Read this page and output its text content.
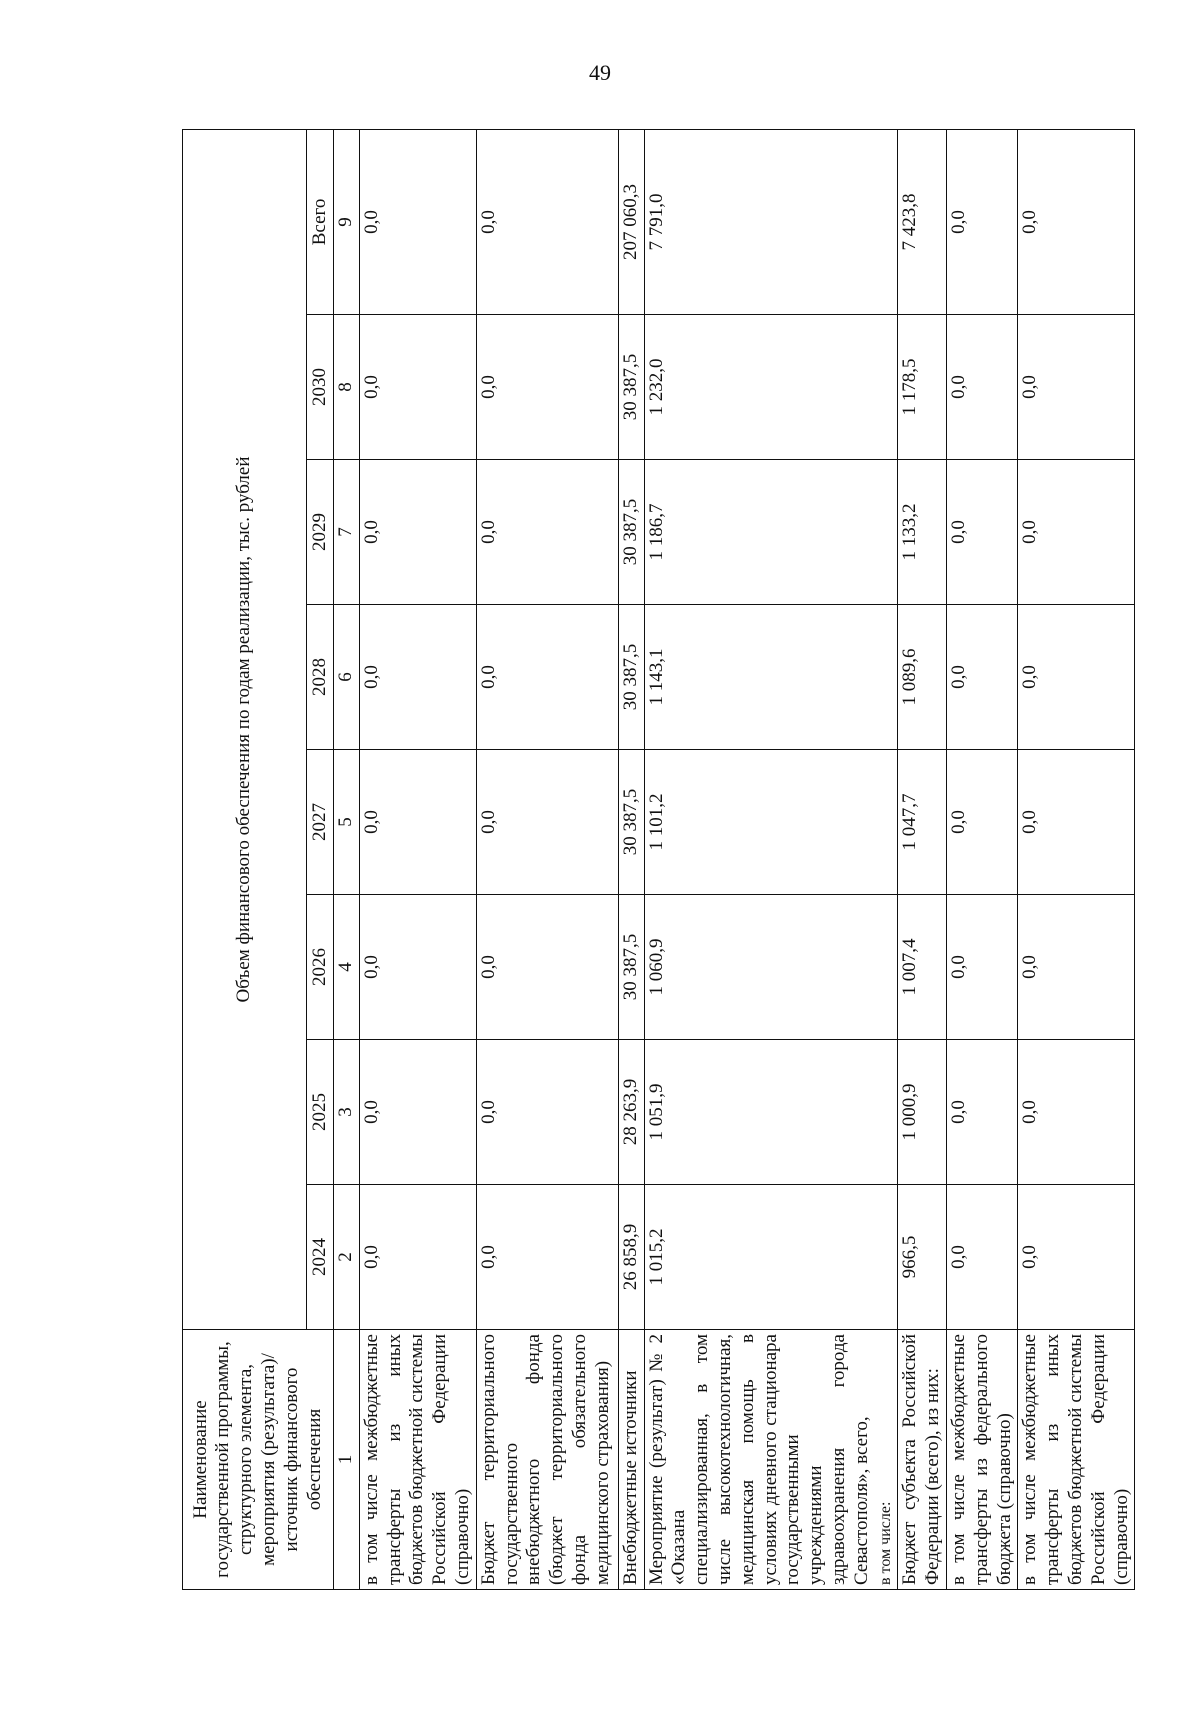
49
Наименование государственной программы, структурного элемента, мероприятия (результата)/источник финансового обеспечения	Объем финансового обеспечения по годам реализации, тыс. рублей							
	2024	2025	2026	2027	2028	2029	2030	Всего
1	2	3	4	5	6	7	8	9
в том числе межбюджетные трансферты из иных бюджетов бюджетной системы Российской Федерации (справочно)	0,0	0,0	0,0	0,0	0,0	0,0	0,0	0,0
Бюджет территориального государственного внебюджетного фонда (бюджет территориального фонда обязательного медицинского страхования)	0,0	0,0	0,0	0,0	0,0	0,0	0,0	0,0
Внебюджетные источники	26 858,9	28 263,9	30 387,5	30 387,5	30 387,5	30 387,5	30 387,5	207 060,3
Мероприятие (результат) № 2 «Оказана специализированная, в том числе высокотехнологичная, медицинская помощь в условиях дневного стационара государственными учреждениями здравоохранения города Севастополя», всего, в том числе:	1 015,2	1 051,9	1 060,9	1 101,2	1 143,1	1 186,7	1 232,0	7 791,0
Бюджет субъекта Российской Федерации (всего), из них:	966,5	1 000,9	1 007,4	1 047,7	1 089,6	1 133,2	1 178,5	7 423,8
в том числе межбюджетные трансферты из федерального бюджета (справочно)	0,0	0,0	0,0	0,0	0,0	0,0	0,0	0,0
в том числе межбюджетные трансферты из иных бюджетов бюджетной системы Российской Федерации (справочно)	0,0	0,0	0,0	0,0	0,0	0,0	0,0	0,0
